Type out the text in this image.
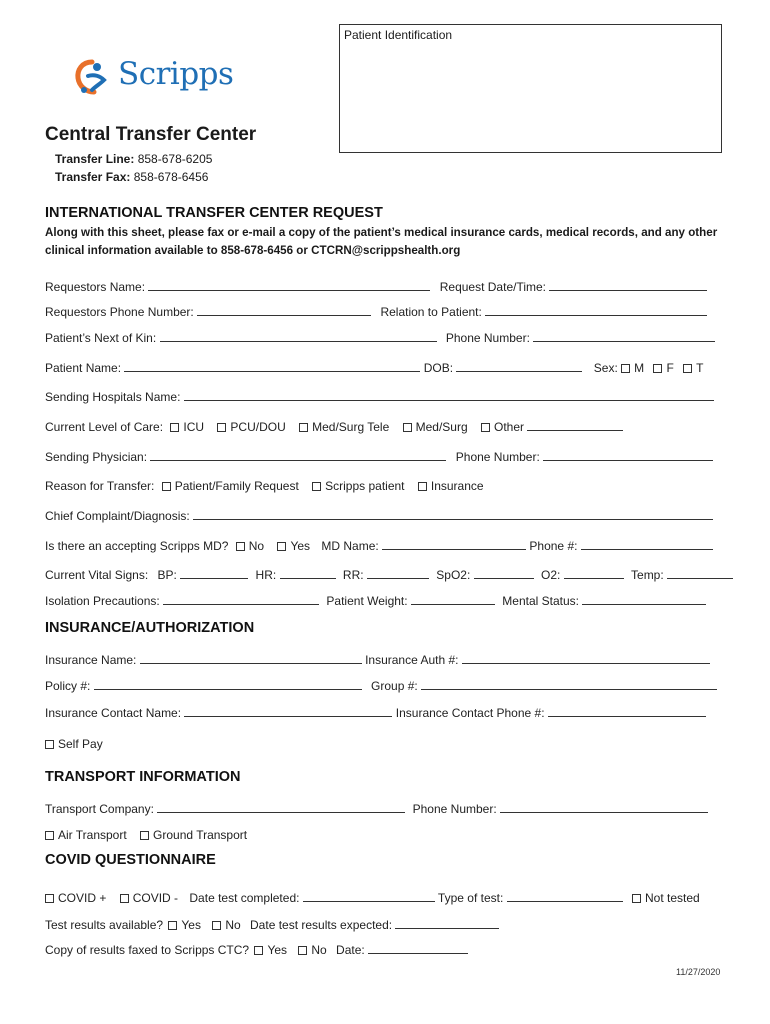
Patient Identification
Scripps
Central Transfer Center
Transfer Line: 858-678-6205
Transfer Fax: 858-678-6456
INTERNATIONAL TRANSFER CENTER REQUEST
Along with this sheet, please fax or e-mail a copy of the patient’s medical insurance cards, medical records, and any other clinical information available to 858-678-6456 or CTCRN@scrippshealth.org
Requestors Name:	Request Date/Time:
Requestors Phone Number:	Relation to Patient:
Patient’s Next of Kin:	Phone Number:
Patient Name:	DOB:	Sex: M F T
Sending Hospitals Name:
Current Level of Care: ICU PCU/DOU Med/Surg Tele Med/Surg Other
Sending Physician:	Phone Number:
Reason for Transfer: Patient/Family Request Scripps patient Insurance
Chief Complaint/Diagnosis:
Is there an accepting Scripps MD? No Yes MD Name:	Phone #:
Current Vital Signs: BP:	HR:	RR:	SpO2:	O2:	Temp:
Isolation Precautions:	Patient Weight:	Mental Status:
INSURANCE/AUTHORIZATION
Insurance Name:	Insurance Auth #:
Policy #:	Group #:
Insurance Contact Name:	Insurance Contact Phone #:
Self Pay
TRANSPORT INFORMATION
Transport Company:	Phone Number:
Air Transport Ground Transport
COVID QUESTIONNAIRE
COVID + COVID - Date test completed:	Type of test:	Not tested
Test results available? Yes No Date test results expected:
Copy of results faxed to Scripps CTC? Yes No Date:
11/27/2020
